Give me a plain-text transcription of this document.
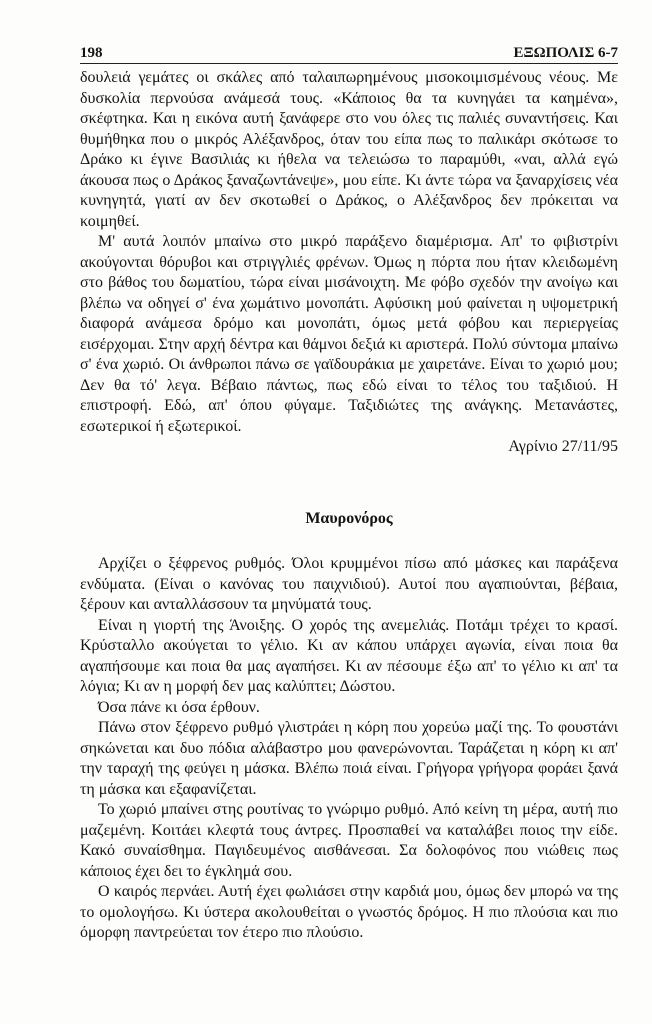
198	ΕΞΩΠΟΛΙΣ 6-7

δουλειά γεμάτες οι σκάλες από ταλαιπωρημένους μισοκοιμισμένους νέους. Με δυσκολία περνούσα ανάμεσά τους. «Κάποιος θα τα κυνηγάει τα καημένα», σκέφτηκα. Και η εικόνα αυτή ξανάφερε στο νου όλες τις παλιές συναντήσεις. Και θυμήθηκα που ο μικρός Αλέξανδρος, όταν του είπα πως το παλικάρι σκότωσε το Δράκο κι έγινε Βασιλιάς κι ήθελα να τελειώσω το παραμύθι, «ναι, αλλά εγώ άκουσα πως ο Δράκος ξαναζωντάνεψε», μου είπε. Κι άντε τώρα να ξαναρχίσεις νέα κυνηγητά, γιατί αν δεν σκοτωθεί ο Δράκος, ο Αλέξανδρος δεν πρόκειται να κοιμηθεί.

Μ' αυτά λοιπόν μπαίνω στο μικρό παράξενο διαμέρισμα. Απ' το φιβιστρίνι ακούγονται θόρυβοι και στριγγλιές φρένων. Όμως η πόρτα που ήταν κλειδωμένη στο βάθος του δωματίου, τώρα είναι μισάνοιχτη. Με φόβο σχεδόν την ανοίγω και βλέπω να οδηγεί σ' ένα χωμάτινο μονοπάτι. Αφύσικη μού φαίνεται η υψομετρική διαφορά ανάμεσα δρόμο και μονοπάτι, όμως μετά φόβου και περιεργείας εισέρχομαι. Στην αρχή δέντρα και θάμνοι δεξιά κι αριστερά. Πολύ σύντομα μπαίνω σ' ένα χωριό. Οι άνθρωποι πάνω σε γαϊδουράκια με χαιρετάνε. Είναι το χωριό μου; Δεν θα τό' λεγα. Βέβαιο πάντως, πως εδώ είναι το τέλος του ταξιδιού. Η επιστροφή. Εδώ, απ' όπου φύγαμε. Ταξιδιώτες της ανάγκης. Μετανάστες, εσωτερικοί ή εξωτερικοί.

Αγρίνιο 27/11/95

Μαυρονόρος

Αρχίζει ο ξέφρενος ρυθμός. Όλοι κρυμμένοι πίσω από μάσκες και παράξενα ενδύματα. (Είναι ο κανόνας του παιχνιδιού). Αυτοί που αγαπιούνται, βέβαια, ξέρουν και ανταλλάσσουν τα μηνύματά τους.

Είναι η γιορτή της Άνοιξης. Ο χορός της ανεμελιάς. Ποτάμι τρέχει το κρασί. Κρύσταλλο ακούγεται το γέλιο. Κι αν κάπου υπάρχει αγωνία, είναι ποια θα αγαπήσουμε και ποια θα μας αγαπήσει. Κι αν πέσουμε έξω απ' το γέλιο κι απ' τα λόγια; Κι αν η μορφή δεν μας καλύπτει; Δώστου.

Όσα πάνε κι όσα έρθουν.

Πάνω στον ξέφρενο ρυθμό γλιστράει η κόρη που χορεύω μαζί της. Το φουστάνι σηκώνεται και δυο πόδια αλάβαστρο μου φανερώνονται. Ταράζεται η κόρη κι απ' την ταραχή της φεύγει η μάσκα. Βλέπω ποιά είναι. Γρήγορα γρήγορα φοράει ξανά τη μάσκα και εξαφανίζεται.

Το χωριό μπαίνει στης ρουτίνας το γνώριμο ρυθμό. Από κείνη τη μέρα, αυτή πιο μαζεμένη. Κοιτάει κλεφτά τους άντρες. Προσπαθεί να καταλάβει ποιος την είδε. Κακό συναίσθημα. Παγιδευμένος αισθάνεσαι. Σα δολοφόνος που νιώθεις πως κάποιος έχει δει το έγκλημά σου.

Ο καιρός περνάει. Αυτή έχει φωλιάσει στην καρδιά μου, όμως δεν μπορώ να της το ομολογήσω. Κι ύστερα ακολουθείται ο γνωστός δρόμος. Η πιο πλούσια και πιο όμορφη παντρεύεται τον έτερο πιο πλούσιο.
